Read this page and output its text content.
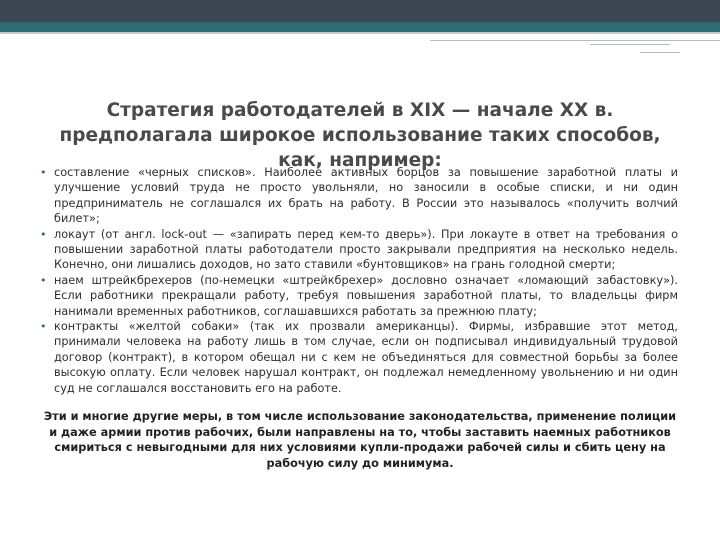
Стратегия работодателей в XIX — начале XX в. предполагала широкое использование таких способов, как, например:
• составление «черных списков». Наиболее активных борцов за повышение заработной платы и улучшение условий труда не просто увольняли, но заносили в особые списки, и ни один предприниматель не соглашался их брать на работу. В России это называлось «получить волчий билет»;
• локаут (от англ. lock-out — «запирать перед кем-то дверь»). При локауте в ответ на требования о повышении заработной платы работодатели просто закрывали предприятия на несколько недель. Конечно, они лишались доходов, но зато ставили «бунтовщиков» на грань голодной смерти;
• наем штрейкбрехеров (по-немецки «штрейкбрехер» дословно означает «ломающий забастовку»). Если работники прекращали работу, требуя повышения заработной платы, то владельцы фирм нанимали временных работников, соглашавшихся работать за прежнюю плату;
• контракты «желтой собаки» (так их прозвали американцы). Фирмы, избравшие этот метод, принимали человека на работу лишь в том случае, если он подписывал индивидуальный трудовой договор (контракт), в котором обещал ни с кем не объединяться для совместной борьбы за более высокую оплату. Если человек нарушал контракт, он подлежал немедленному увольнению и ни один суд не соглашался восстановить его на работе.

Эти и многие другие меры, в том числе использование законодательства, применение полиции и даже армии против рабочих, были направлены на то, чтобы заставить наемных работников смириться с невыгодными для них условиями купли-продажи рабочей силы и сбить цену на рабочую силу до минимума.
